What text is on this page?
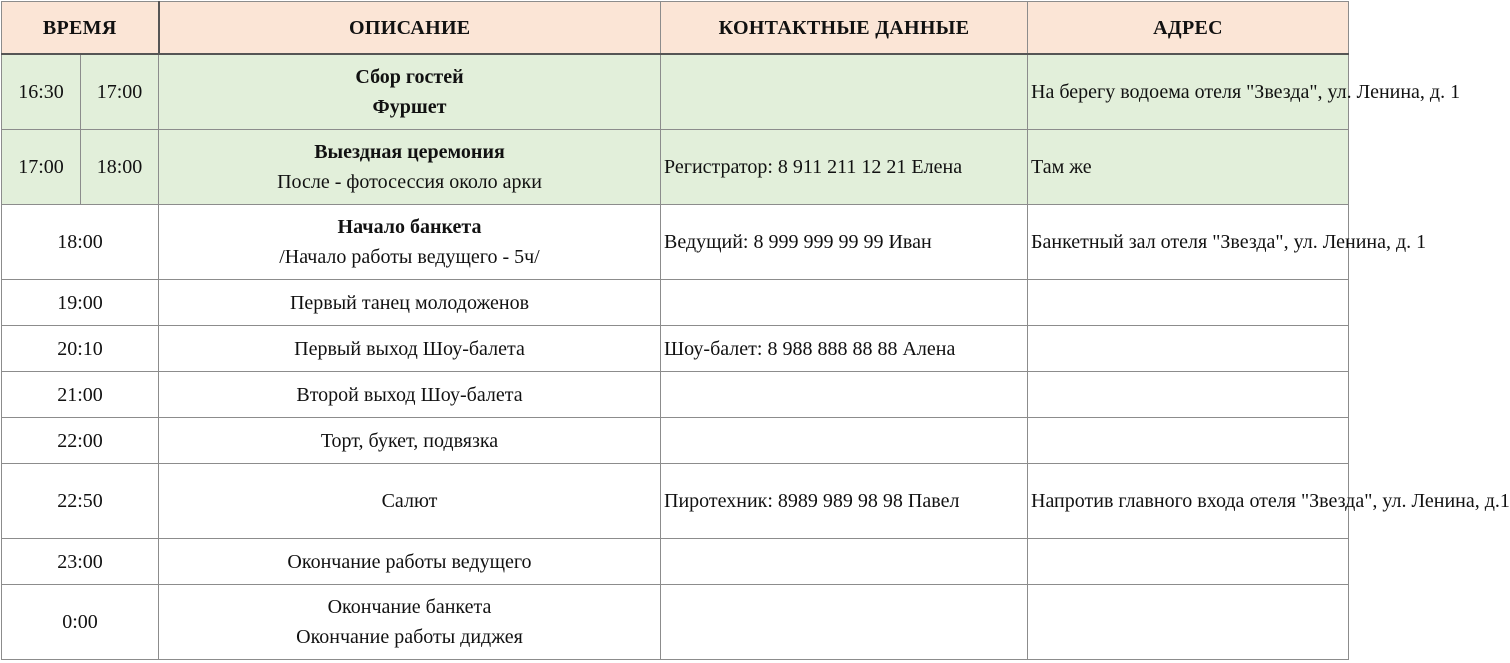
ВРЕМЯ		ОПИСАНИЕ	КОНТАКТНЫЕ ДАННЫЕ	АДРЕС
16:30	17:00	Сбор гостей
Фуршет		На берегу водоема отеля "Звезда", ул. Ленина, д. 1
17:00	18:00	Выездная церемония
После - фотосессия около арки	Регистратор: 8 911 211 12 21 Елена	Там же
18:00		Начало банкета
/Начало работы ведущего - 5ч/	Ведущий: 8 999 999 99 99 Иван	Банкетный зал отеля "Звезда", ул. Ленина, д. 1
19:00		Первый танец молодоженов		
20:10		Первый выход Шоу-балета	Шоу-балет: 8 988 888 88 88 Алена	
21:00		Второй выход Шоу-балета		
22:00		Торт, букет, подвязка		
22:50		Салют	Пиротехник: 8989 989 98 98 Павел	Напротив главного входа отеля "Звезда", ул. Ленина, д.1
23:00		Окончание работы ведущего		
0:00		Окончание банкета
Окончание работы диджея		
